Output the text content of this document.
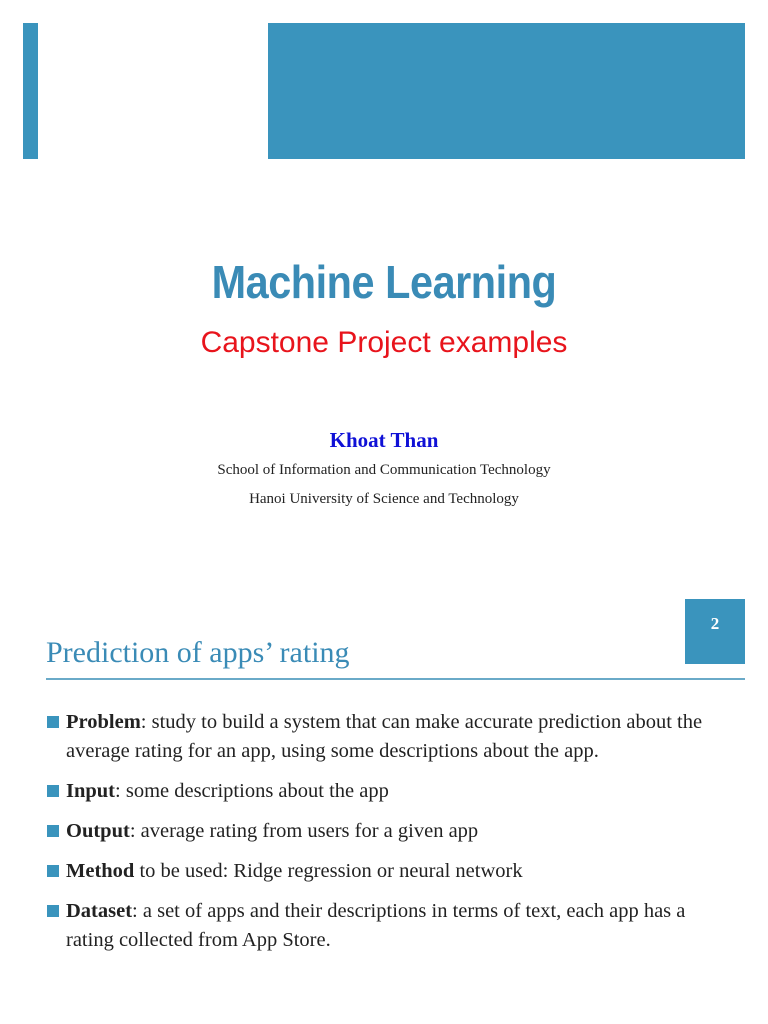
Machine Learning
Capstone Project examples
Khoat Than
School of Information and Communication Technology
Hanoi University of Science and Technology
2
Prediction of apps’ rating
Problem: study to build a system that can make accurate prediction about the average rating for an app, using some descriptions about the app.
Input: some descriptions about the app
Output: average rating from users for a given app
Method to be used: Ridge regression or neural network
Dataset: a set of apps and their descriptions in terms of text, each app has a rating collected from App Store.
